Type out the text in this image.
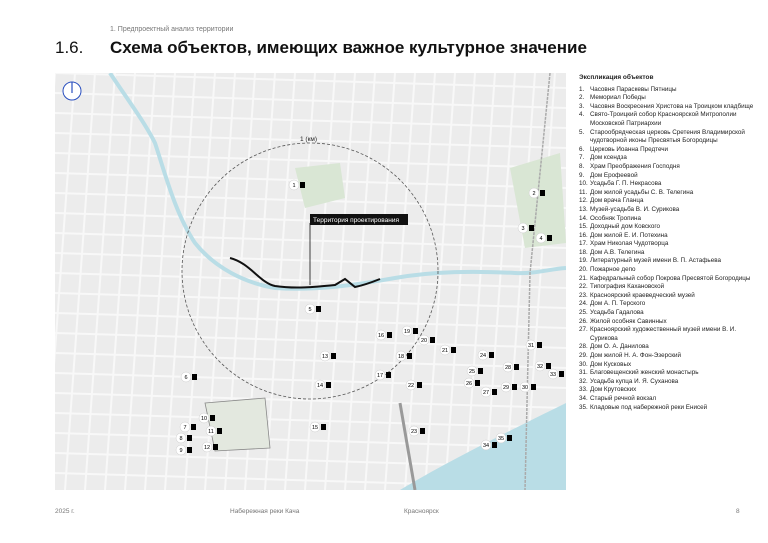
1. Предпроектный анализ территории
1.6. Схема объектов, имеющих важное культурное значение
1 (км)
Территория проектирования
1
2
3
4
5
6
7
8
9
10
11
12
13
14
15
16
17
18
19
20
21
22
23
24
25
26
27
28
29 30
31
32
33
34
35
Экспликация объектов
1. Часовня Параскевы Пятницы
2. Мемориал Победы
3. Часовня Воскресения Христова на Троицком кладбище
4. Свято-Троицкий собор Красноярской Митрополии Московской Патриархии
5. Старообрядческая церковь Сретения Владимирской чудотворной иконы Пресвятыя Богородицы
6. Церковь Иоанна Предтечи
7. Дом ксендза
8. Храм Преображения Господня
9. Дом Ерофеевой
10. Усадьба Г. П. Некрасова
11. Дом жилой усадьбы С. В. Телегина
12. Дом врача Гланца
13. Музей-усадьба В. И. Сурикова
14. Особняк Тропина
15. Доходный дом Ковского
16. Дом жилой Е. И. Потехина
17. Храм Николая Чудотворца
18. Дом А.В. Телегина
19. Литературный музей имени В. П. Астафьева
20. Пожарное депо
21. Кафедральный собор Покрова Пресвятой Богородицы
22. Типография Кахановской
23. Красноярский краеведческий музей
24. Дом А. П. Терского
25. Усадьба Гадалова
26. Жилой особняк Савинных
27. Красноярский художественный музей имени В. И. Сурикова
28. Дом О. А. Данилова
29. Дом жилой Н. А. Фон-Эзерский
30. Дом Кусковых
31. Благовещенский женский монастырь
32. Усадьба купца И. Я. Суханова
33. Дом Крутовских
34. Старый речной вокзал
35. Кладовые под набережной реки Енисей
2025 г.	Набережная реки Кача	Красноярск	8
